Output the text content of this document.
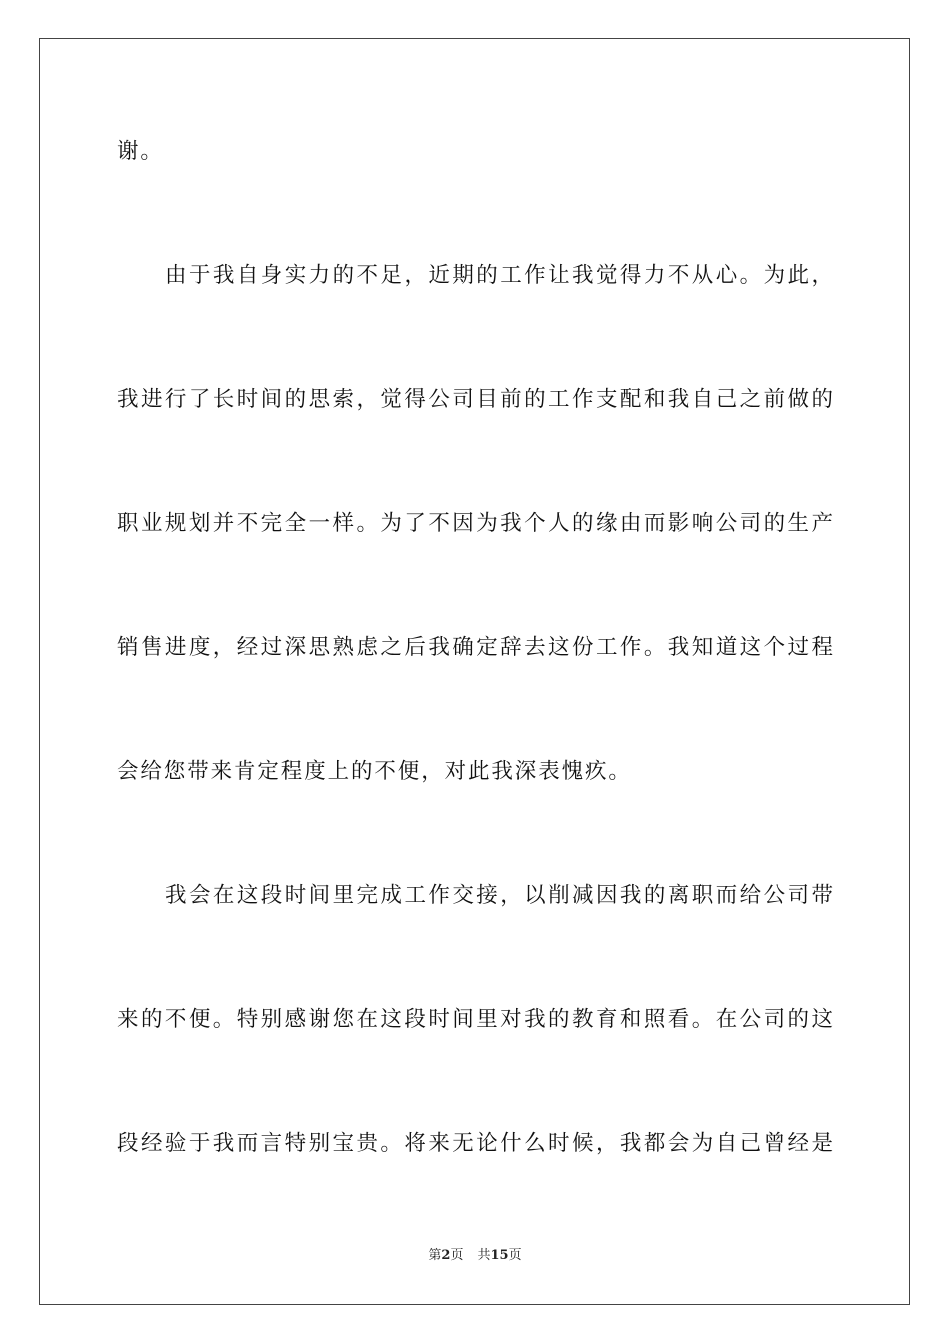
谢。
由于我自身实力的不足，近期的工作让我觉得力不从心。为此，
我进行了长时间的思索，觉得公司目前的工作支配和我自己之前做的
职业规划并不完全一样。为了不因为我个人的缘由而影响公司的生产
销售进度，经过深思熟虑之后我确定辞去这份工作。我知道这个过程
会给您带来肯定程度上的不便，对此我深表愧疚。
我会在这段时间里完成工作交接，以削减因我的离职而给公司带
来的不便。特别感谢您在这段时间里对我的教育和照看。在公司的这
段经验于我而言特别宝贵。将来无论什么时候，我都会为自己曾经是
第2页 共15页
